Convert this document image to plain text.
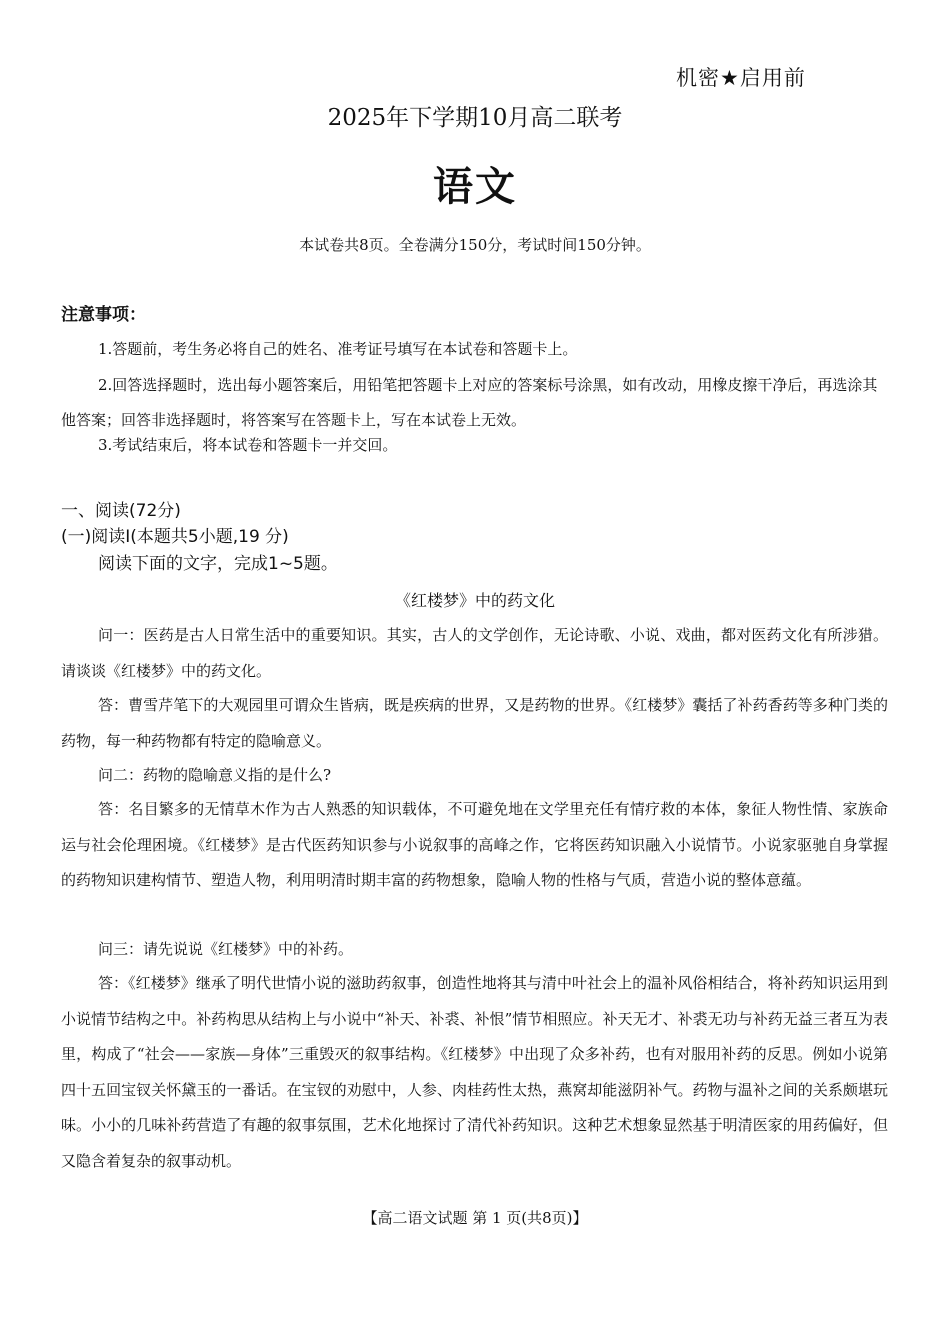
机密★启用前
2025年下学期10月高二联考
语文
本试卷共8页。全卷满分150分，考试时间150分钟。
注意事项：
1.答题前，考生务必将自己的姓名、准考证号填写在本试卷和答题卡上。
2.回答选择题时，选出每小题答案后，用铅笔把答题卡上对应的答案标号涂黑，如有改动，用橡皮擦干净后，再选涂其他答案；回答非选择题时，将答案写在答题卡上，写在本试卷上无效。
3.考试结束后，将本试卷和答题卡一并交回。
一、阅读(72分)
(一)阅读Ⅰ(本题共5小题,19 分)
阅读下面的文字，完成1~5题。
《红楼梦》中的药文化
问一：医药是古人日常生活中的重要知识。其实，古人的文学创作，无论诗歌、小说、戏曲，都对医药文化有所涉猎。请谈谈《红楼梦》中的药文化。
答：曹雪芹笔下的大观园里可谓众生皆病，既是疾病的世界，又是药物的世界。《红楼梦》囊括了补药香药等多种门类的药物，每一种药物都有特定的隐喻意义。
问二：药物的隐喻意义指的是什么?
答：名目繁多的无情草木作为古人熟悉的知识载体，不可避免地在文学里充任有情疗救的本体，象征人物性情、家族命运与社会伦理困境。《红楼梦》是古代医药知识参与小说叙事的高峰之作，它将医药知识融入小说情节。小说家驱驰自身掌握的药物知识建构情节、塑造人物，利用明清时期丰富的药物想象，隐喻人物的性格与气质，营造小说的整体意蕴。
问三：请先说说《红楼梦》中的补药。
答：《红楼梦》继承了明代世情小说的滋助药叙事，创造性地将其与清中叶社会上的温补风俗相结合，将补药知识运用到小说情节结构之中。补药构思从结构上与小说中“补天、补裘、补恨”情节相照应。补天无才、补裘无功与补药无益三者互为表里，构成了“社会——家族—身体”三重毁灭的叙事结构。《红楼梦》中出现了众多补药，也有对服用补药的反思。例如小说第四十五回宝钗关怀黛玉的一番话。在宝钗的劝慰中，人参、肉桂药性太热，燕窝却能滋阴补气。药物与温补之间的关系颇堪玩味。小小的几味补药营造了有趣的叙事氛围，艺术化地探讨了清代补药知识。这种艺术想象显然基于明清医家的用药偏好，但又隐含着复杂的叙事动机。
【高二语文试题 第 1 页(共8页)】
